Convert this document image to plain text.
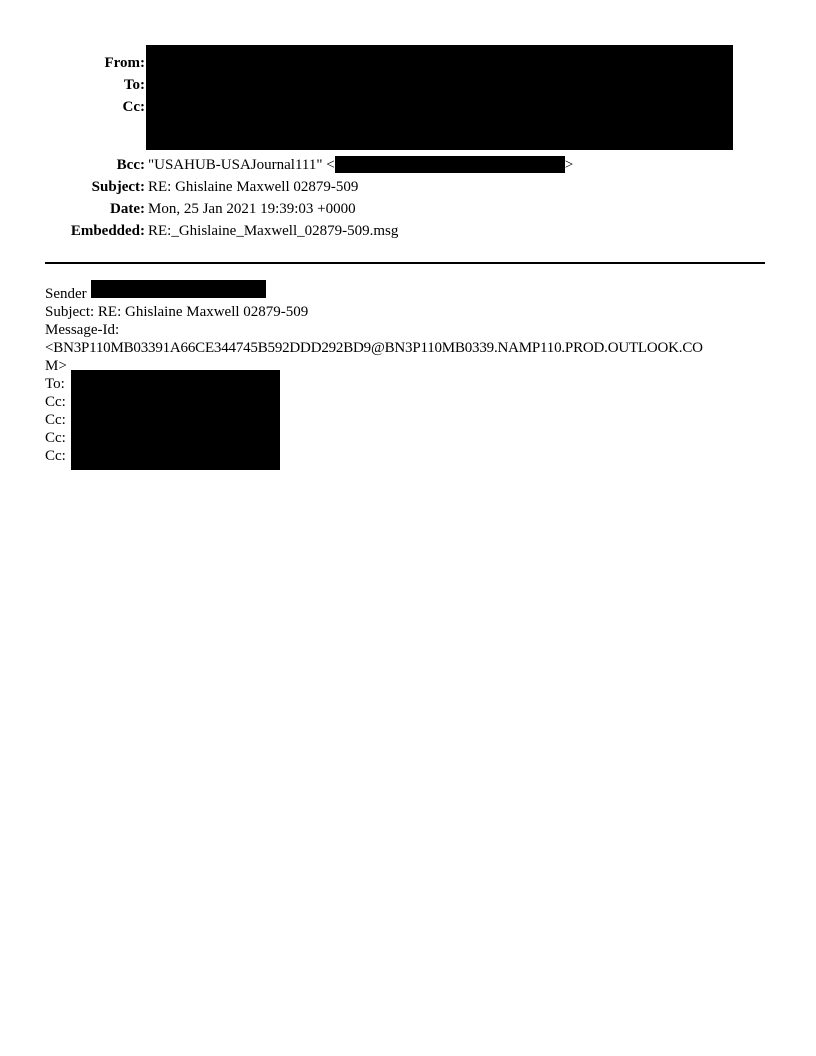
From:
To:
Cc:
Bcc: "USAHUB-USAJournal111" <	>
Subject: RE: Ghislaine Maxwell 02879-509
Date: Mon, 25 Jan 2021 19:39:03 +0000
Embedded: RE:_Ghislaine_Maxwell_02879-509.msg
Sender
Subject: RE: Ghislaine Maxwell 02879-509
Message-Id:
<BN3P110MB03391A66CE344745B592DDD292BD9@BN3P110MB0339.NAMP110.PROD.OUTLOOK.CO
M>
To:
Cc:
Cc:
Cc:
Cc:
